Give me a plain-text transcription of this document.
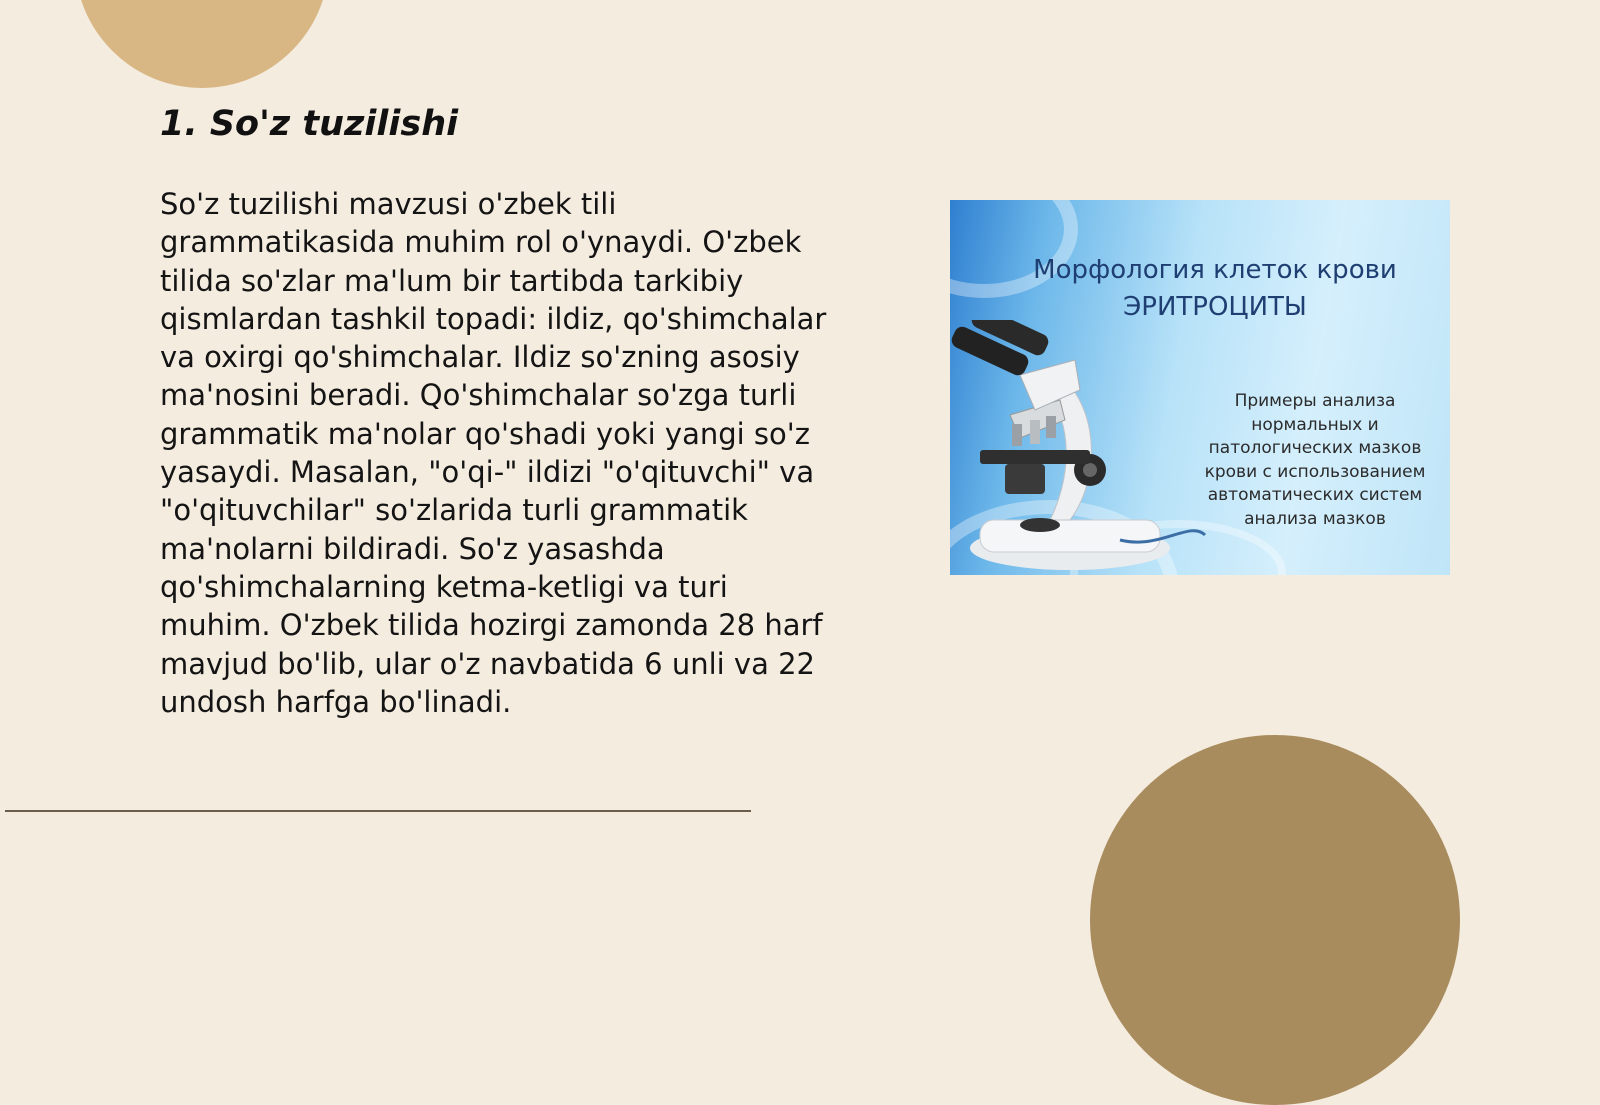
1. So'z tuzilishi

So'z tuzilishi mavzusi o'zbek tili grammatikasida muhim rol o'ynaydi. O'zbek tilida so'zlar ma'lum bir tartibda tarkibiy qismlardan tashkil topadi: ildiz, qo'shimchalar va oxirgi qo'shimchalar. Ildiz so'zning asosiy ma'nosini beradi. Qo'shimchalar so'zga turli grammatik ma'nolar qo'shadi yoki yangi so'z yasaydi. Masalan, "o'qi-" ildizi "o'qituvchi" va "o'qituvchilar" so'zlarida turli grammatik ma'nolarni bildiradi. So'z yasashda qo'shimchalarning ketma-ketligi va turi muhim. O'zbek tilida hozirgi zamonda 28 harf mavjud bo'lib, ular o'z navbatida 6 unli va 22 undosh harfga bo'linadi.

Морфология клеток крови
ЭРИТРОЦИТЫ
Примеры анализа
нормальных и
патологических мазков
крови с использованием
автоматических систем
анализа мазков
